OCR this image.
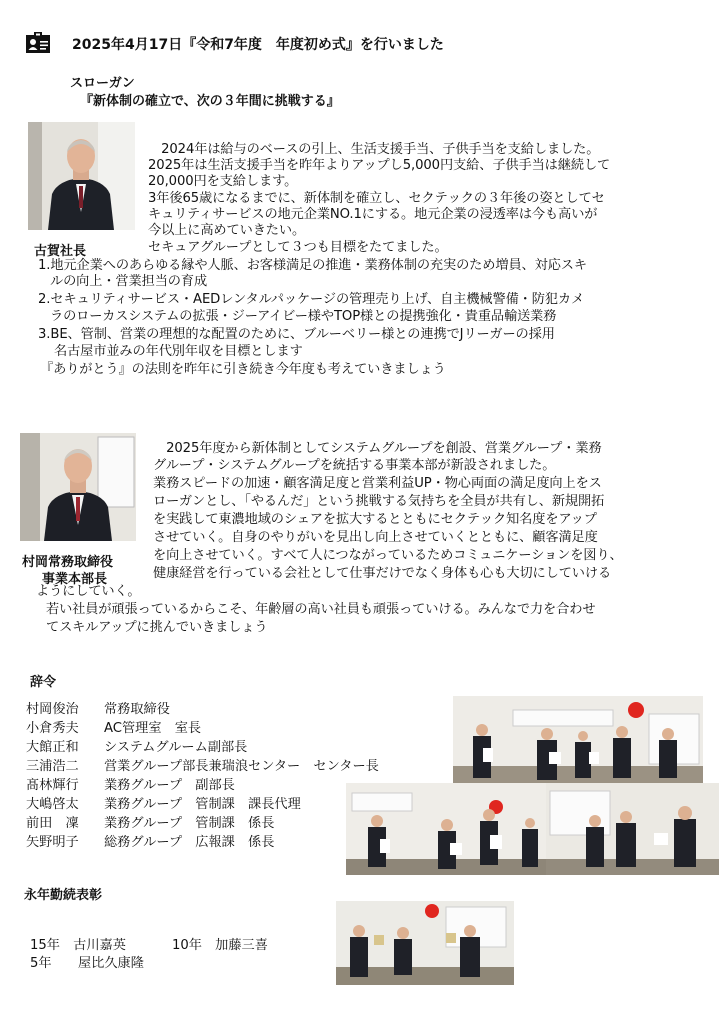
2025年4月17日『令和7年度　年度初め式』を行いました
スローガン
『新体制の確立で、次の３年間に挑戦する』
古賀社長
　2024年は給与のベースの引上、生活支援手当、子供手当を支給しました。
2025年は生活支援手当を昨年よりアップし5,000円支給、子供手当は継続して
20,000円を支給します。
3年後65歳になるまでに、新体制を確立し、セクテックの３年後の姿としてセ
キュリティサービスの地元企業NO.1にする。地元企業の浸透率は今も高いが
今以上に高めていきたい。
セキュアグループとして３つも目標をたてました。
1.地元企業へのあらゆる縁や人脈、お客様満足の推進・業務体制の充実のため増員、対応スキ
ルの向上・営業担当の育成
2.セキュリティサービス・AEDレンタルパッケージの管理売り上げ、自主機械警備・防犯カメ
ラのローカスシステムの拡張・ジーアイビー様やTOP様との提携強化・貴重品輸送業務
3.BE、管制、営業の理想的な配置のために、ブルーベリー様との連携でJリーガーの採用
名古屋市並みの年代別年収を目標とします
『ありがとう』の法則を昨年に引き続き今年度も考えていきましょう
村岡常務取締役
事業本部長
　2025年度から新体制としてシステムグループを創設、営業グループ・業務
グループ・システムグループを統括する事業本部が新設されました。
業務スピードの加速・顧客満足度と営業利益UP・物心両面の満足度向上をス
ローガンとし、「やるんだ」という挑戦する気持ちを全員が共有し、新規開拓
を実践して東濃地域のシェアを拡大するとともにセクテック知名度をアップ
させていく。自身のやりがいを見出し向上させていくとともに、顧客満足度
を向上させていく。すべて人につながっているためコミュニケーションを図り、
健康経営を行っている会社として仕事だけでなく身体も心も大切にしていける
ようにしていく。
若い社員が頑張っているからこそ、年齢層の高い社員も頑張っていける。みんなで力を合わせ
てスキルアップに挑んでいきましょう
辞令
村岡俊治 常務取締役
小倉秀夫 AC管理室　室長
大館正和 システムグルーム副部長
三浦浩二 営業グループ部長兼瑞浪センター　センター長
髙林輝行 業務グループ　副部長
大嶋啓太 業務グループ　管制課　課長代理
前田　凜 業務グループ　管制課　係長
矢野明子 総務グループ　広報課　係長
永年勤続表彰
15年　古川嘉英	10年　加藤三喜
5年　　屋比久康隆
